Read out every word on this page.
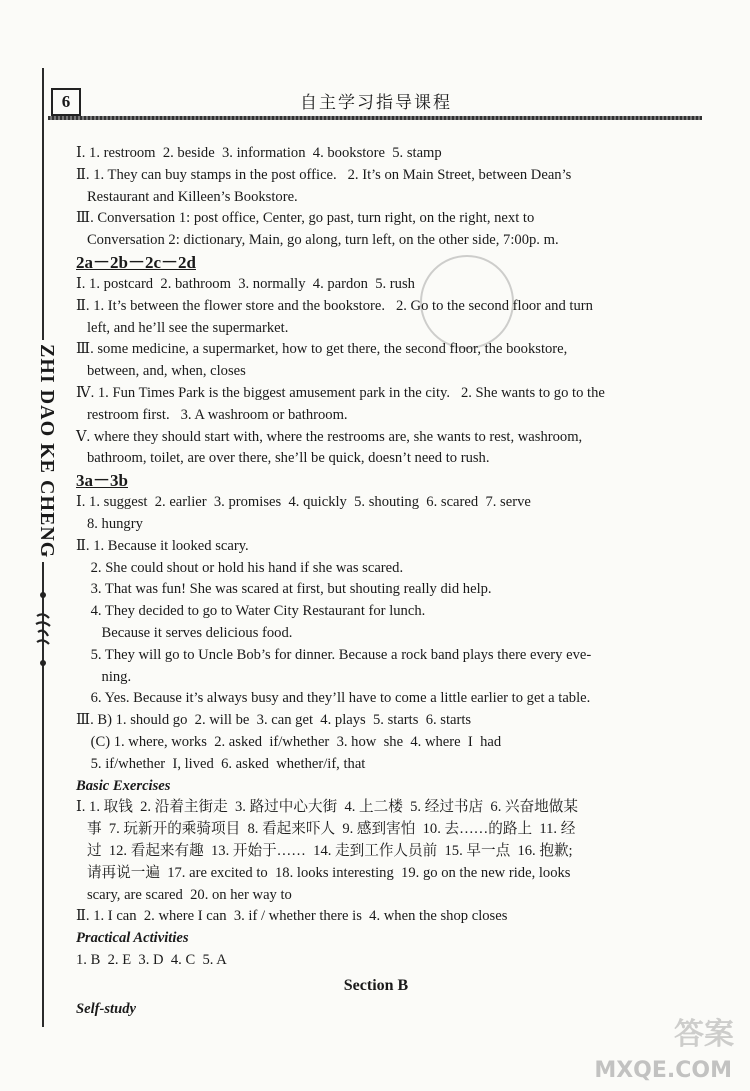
6	自主学习指导课程
ZHI DAO KE CHENG
Ⅰ. 1. restroom  2. beside  3. information  4. bookstore  5. stamp
Ⅱ. 1. They can buy stamps in the post office.   2. It’s on Main Street, between Dean’s
Restaurant and Killeen’s Bookstore.
Ⅲ. Conversation 1: post office, Center, go past, turn right, on the right, next to
Conversation 2: dictionary, Main, go along, turn left, on the other side, 7:00p. m.
2a－2b－2c－2d
Ⅰ. 1. postcard  2. bathroom  3. normally  4. pardon  5. rush
Ⅱ. 1. It’s between the flower store and the bookstore.   2. Go to the second floor and turn
left, and he’ll see the supermarket.
Ⅲ. some medicine, a supermarket, how to get there, the second floor, the bookstore,
between, and, when, closes
Ⅳ. 1. Fun Times Park is the biggest amusement park in the city.   2. She wants to go to the
restroom first.   3. A washroom or bathroom.
Ⅴ. where they should start with, where the restrooms are, she wants to rest, washroom,
bathroom, toilet, are over there, she’ll be quick, doesn’t need to rush.
3a－3b
Ⅰ. 1. suggest  2. earlier  3. promises  4. quickly  5. shouting  6. scared  7. serve
8. hungry
Ⅱ. 1. Because it looked scary.
2. She could shout or hold his hand if she was scared.
3. That was fun! She was scared at first, but shouting really did help.
4. They decided to go to Water City Restaurant for lunch.
Because it serves delicious food.
5. They will go to Uncle Bob’s for dinner. Because a rock band plays there every eve-
ning.
6. Yes. Because it’s always busy and they’ll have to come a little earlier to get a table.
Ⅲ. B) 1. should go  2. will be  3. can get  4. plays  5. starts  6. starts
(C) 1. where, works  2. asked  if/whether  3. how  she  4. where  I  had
5. if/whether  I, lived  6. asked  whether/if, that
Basic Exercises
Ⅰ. 1. 取钱  2. 沿着主街走  3. 路过中心大街  4. 上二楼  5. 经过书店  6. 兴奋地做某
事  7. 玩新开的乘骑项目  8. 看起来吓人  9. 感到害怕  10. 去……的路上  11. 经
过  12. 看起来有趣  13. 开始于……  14. 走到工作人员前  15. 早一点  16. 抱歉;
请再说一遍  17. are excited to  18. looks interesting  19. go on the new ride, looks
scary, are scared  20. on her way to
Ⅱ. 1. I can  2. where I can  3. if / whether there is  4. when the shop closes
Practical Activities
1. B  2. E  3. D  4. C  5. A
Section B
Self-study
答案
MXQE.COM
